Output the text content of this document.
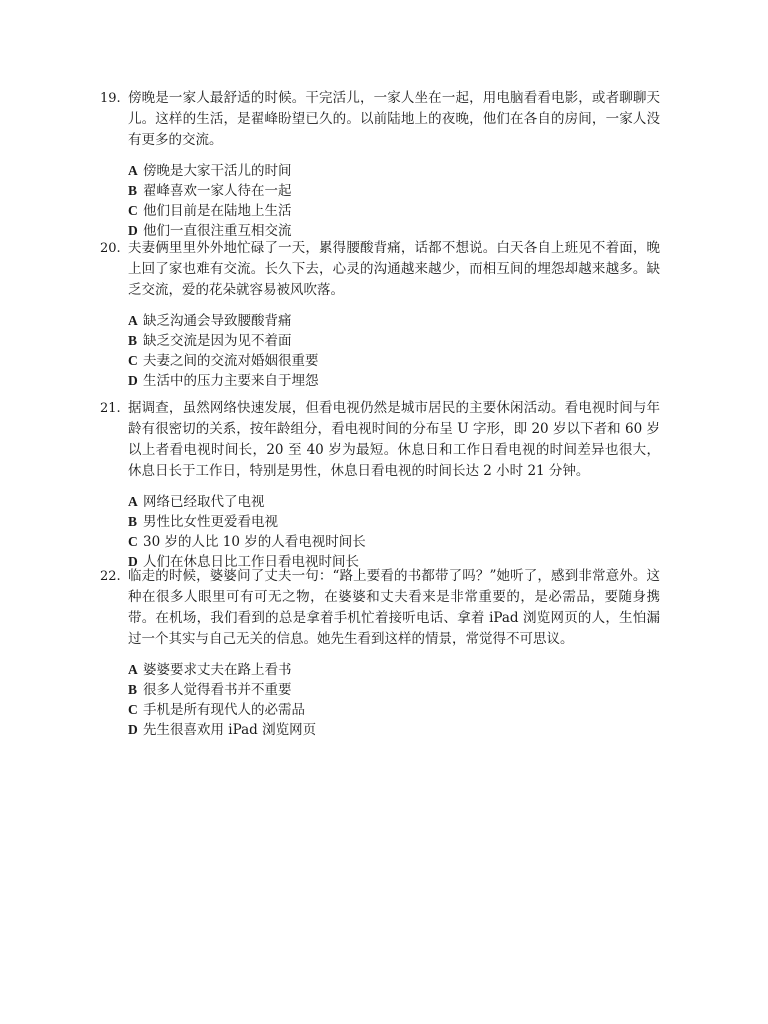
19. 傍晚是一家人最舒适的时候。干完活儿，一家人坐在一起，用电脑看看电影，或者聊聊天儿。这样的生活，是翟峰盼望已久的。以前陆地上的夜晚，他们在各自的房间，一家人没有更多的交流。
A 傍晚是大家干活儿的时间
B 翟峰喜欢一家人待在一起
C 他们目前是在陆地上生活
D 他们一直很注重互相交流
20. 夫妻俩里里外外地忙碌了一天，累得腰酸背痛，话都不想说。白天各自上班见不着面，晚上回了家也难有交流。长久下去，心灵的沟通越来越少，而相互间的埋怨却越来越多。缺乏交流，爱的花朵就容易被风吹落。
A 缺乏沟通会导致腰酸背痛
B 缺乏交流是因为见不着面
C 夫妻之间的交流对婚姻很重要
D 生活中的压力主要来自于埋怨
21. 据调查，虽然网络快速发展，但看电视仍然是城市居民的主要休闲活动。看电视时间与年龄有很密切的关系，按年龄组分，看电视时间的分布呈 U 字形，即 20 岁以下者和 60 岁以上者看电视时间长，20 至 40 岁为最短。休息日和工作日看电视的时间差异也很大，休息日长于工作日，特别是男性，休息日看电视的时间长达 2 小时 21 分钟。
A 网络已经取代了电视
B 男性比女性更爱看电视
C 30 岁的人比 10 岁的人看电视时间长
D 人们在休息日比工作日看电视时间长
22. 临走的时候，婆婆问了丈夫一句：“路上要看的书都带了吗？”她听了，感到非常意外。这种在很多人眼里可有可无之物，在婆婆和丈夫看来是非常重要的，是必需品，要随身携带。在机场，我们看到的总是拿着手机忙着接听电话、拿着 iPad 浏览网页的人，生怕漏过一个其实与自己无关的信息。她先生看到这样的情景，常觉得不可思议。
A 婆婆要求丈夫在路上看书
B 很多人觉得看书并不重要
C 手机是所有现代人的必需品
D 先生很喜欢用 iPad 浏览网页
